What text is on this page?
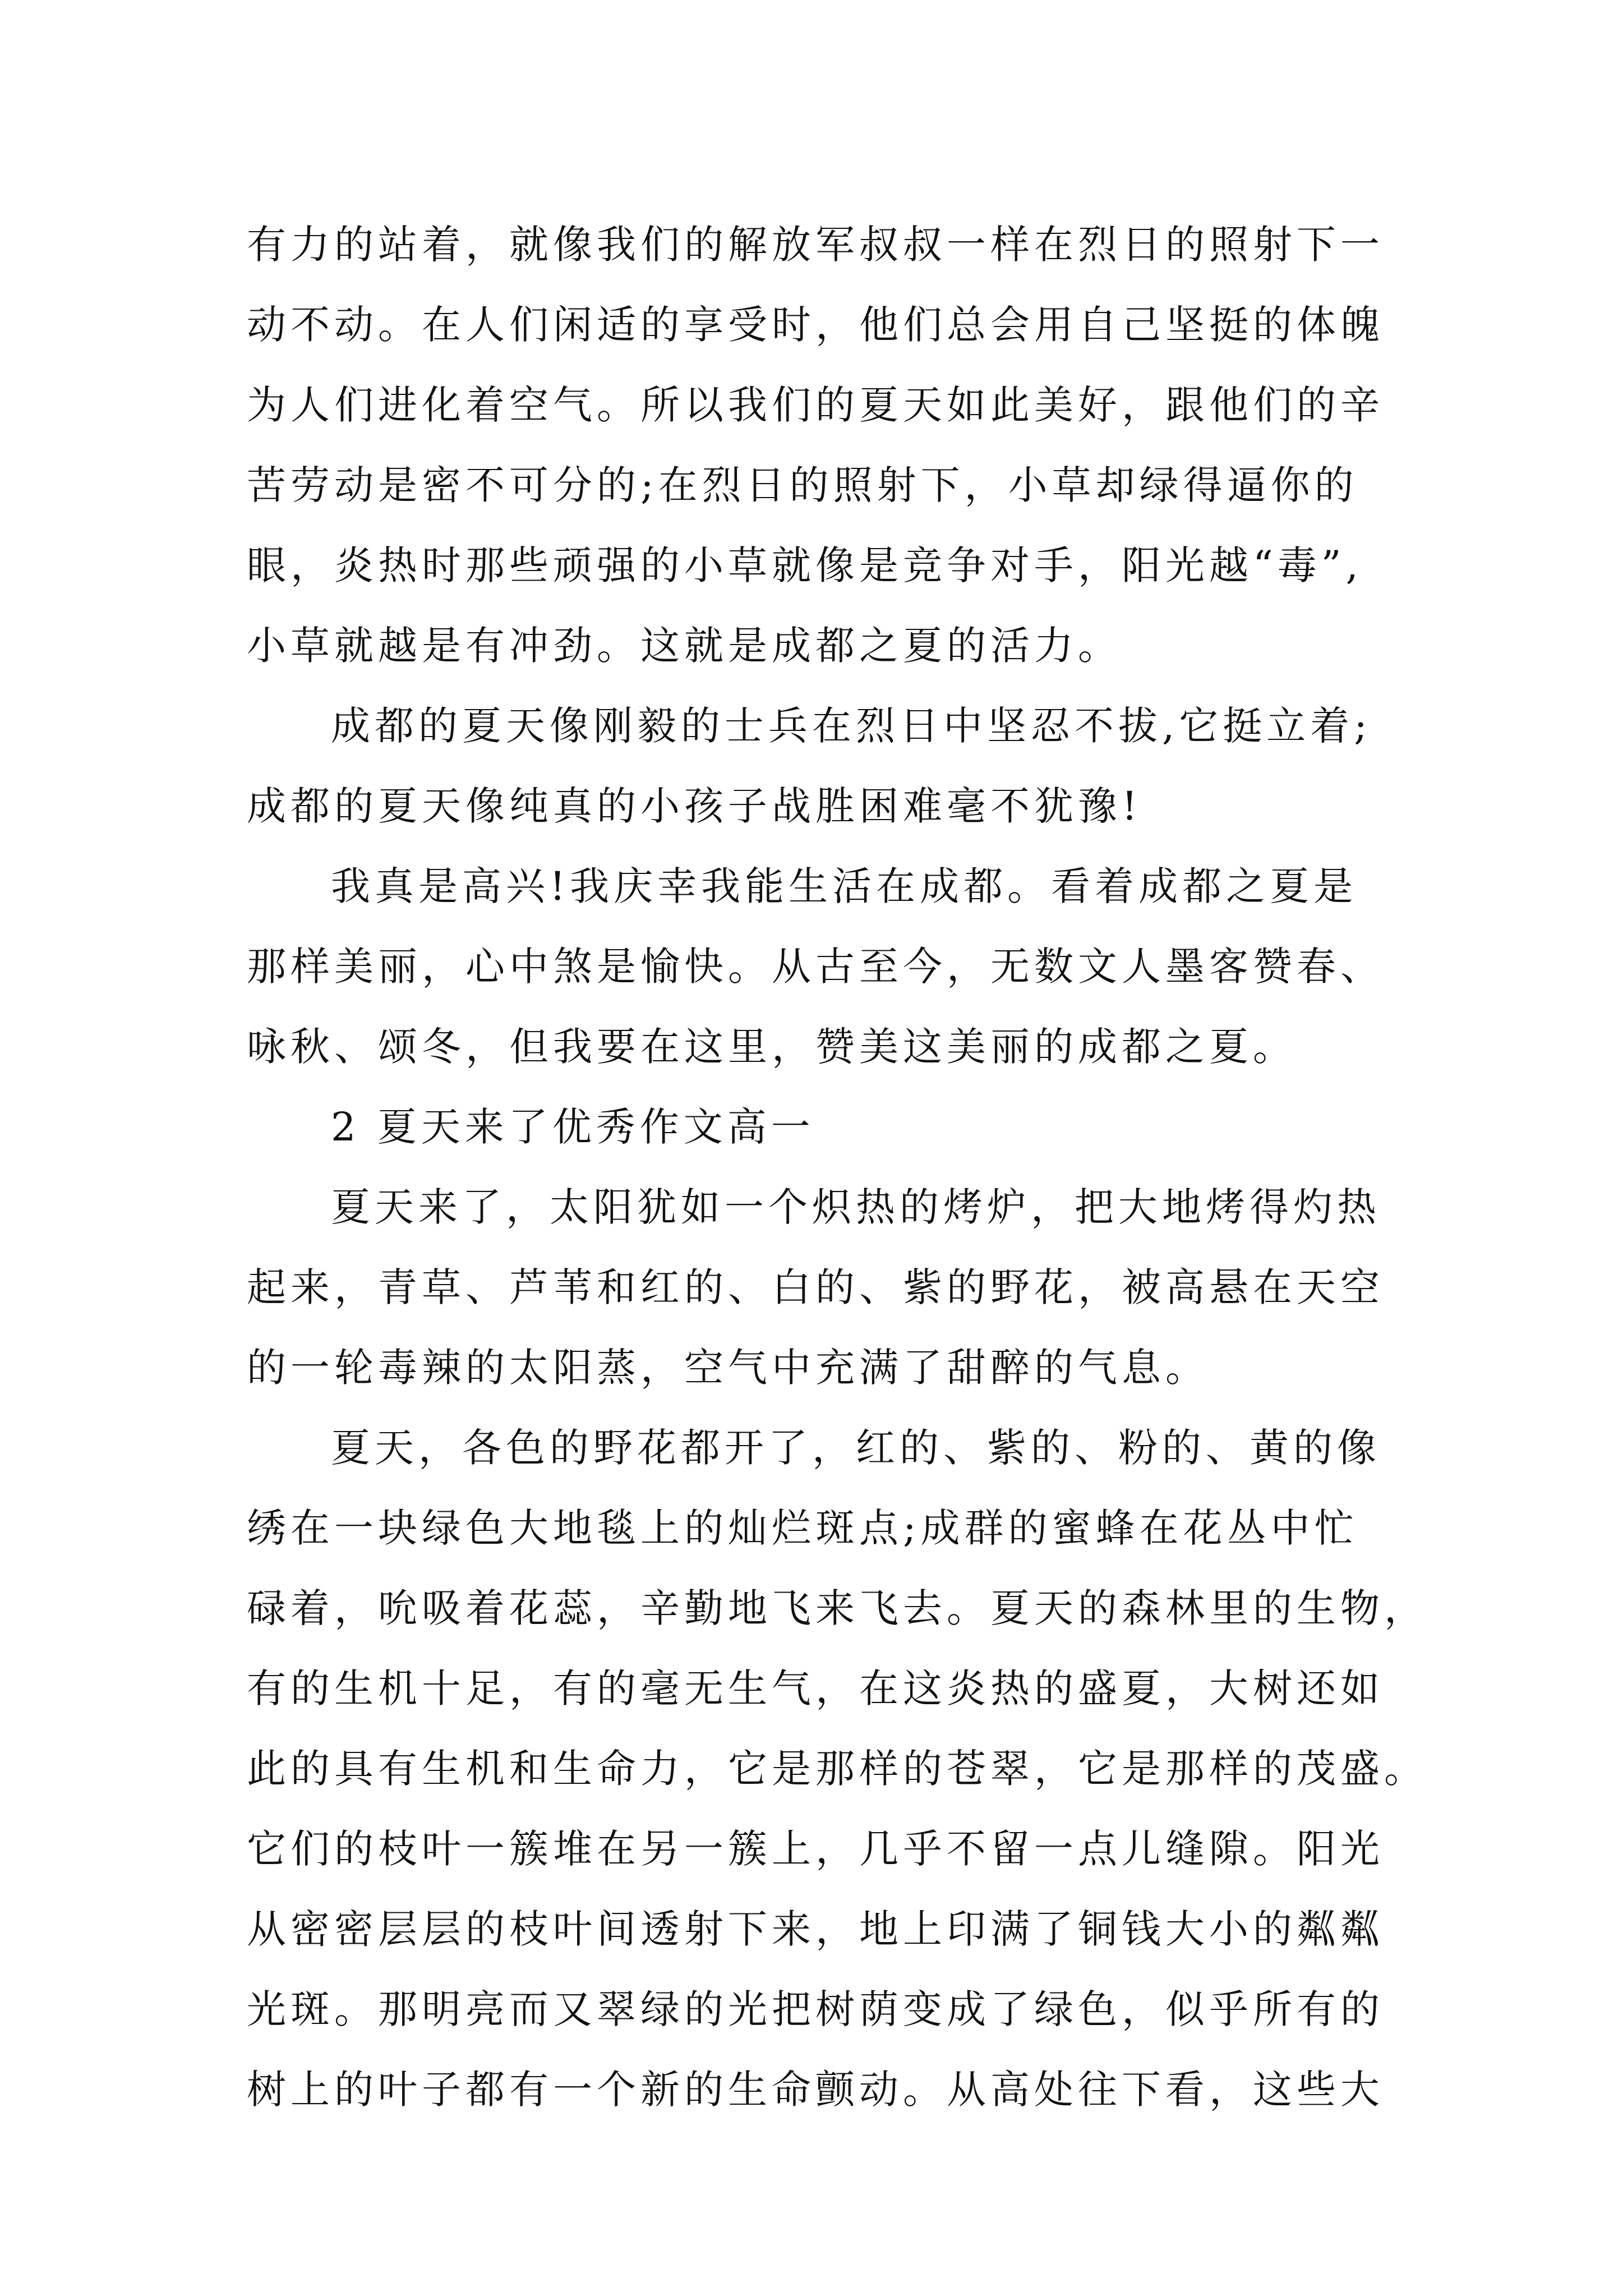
有力的站着，就像我们的解放军叔叔一样在烈日的照射下一
动不动。在人们闲适的享受时，他们总会用自己坚挺的体魄
为人们进化着空气。所以我们的夏天如此美好，跟他们的辛
苦劳动是密不可分的;在烈日的照射下，小草却绿得逼你的
眼，炎热时那些顽强的小草就像是竞争对手，阳光越“毒”,
小草就越是有冲劲。这就是成都之夏的活力。
成都的夏天像刚毅的士兵在烈日中坚忍不拔,它挺立着;
成都的夏天像纯真的小孩子战胜困难毫不犹豫!
我真是高兴!我庆幸我能生活在成都。看着成都之夏是
那样美丽，心中煞是愉快。从古至今，无数文人墨客赞春、
咏秋、颂冬，但我要在这里，赞美这美丽的成都之夏。
2 夏天来了优秀作文高一
夏天来了，太阳犹如一个炽热的烤炉，把大地烤得灼热
起来，青草、芦苇和红的、白的、紫的野花，被高悬在天空
的一轮毒辣的太阳蒸，空气中充满了甜醉的气息。
夏天，各色的野花都开了，红的、紫的、粉的、黄的像
绣在一块绿色大地毯上的灿烂斑点;成群的蜜蜂在花丛中忙
碌着，吮吸着花蕊，辛勤地飞来飞去。夏天的森林里的生物，
有的生机十足，有的毫无生气，在这炎热的盛夏，大树还如
此的具有生机和生命力，它是那样的苍翠，它是那样的茂盛。
它们的枝叶一簇堆在另一簇上，几乎不留一点儿缝隙。阳光
从密密层层的枝叶间透射下来，地上印满了铜钱大小的粼粼
光斑。那明亮而又翠绿的光把树荫变成了绿色，似乎所有的
树上的叶子都有一个新的生命颤动。从高处往下看，这些大
